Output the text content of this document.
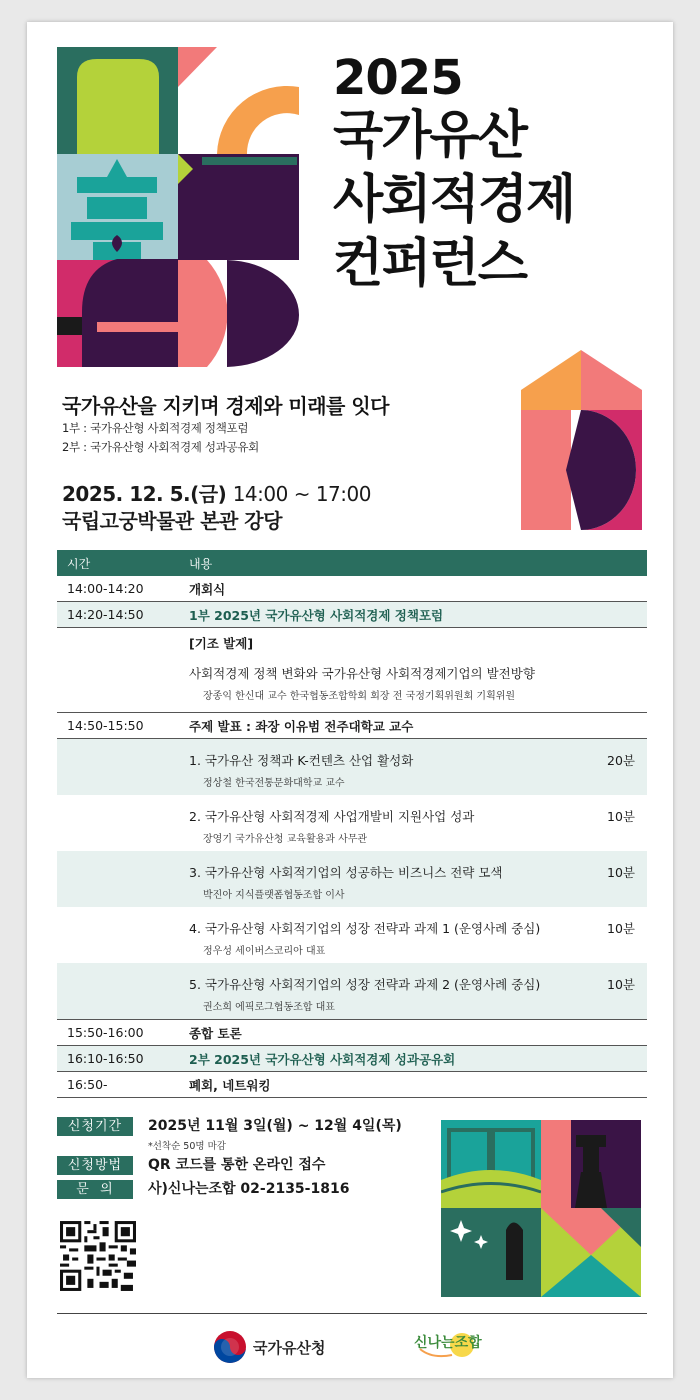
2025
국가유산
사회적경제
컨퍼런스
국가유산을 지키며 경제와 미래를 잇다
1부 : 국가유산형 사회적경제 정책포럼
2부 : 국가유산형 사회적경제 성과공유회
2025. 12. 5.(금) 14:00 ~ 17:00
국립고궁박물관 본관 강당
시간	내용
14:00-14:20	개회식
14:20-14:50	1부 2025년 국가유산형 사회적경제 정책포럼
[기조 발제]
사회적경제 정책 변화와 국가유산형 사회적경제기업의 발전방향
장종익 한신대 교수 한국협동조합학회 회장 전 국정기획위원회 기획위원
14:50-15:50	주제 발표 : 좌장 이유범 전주대학교 교수
1. 국가유산 정책과 K-컨텐츠 산업 활성화
정상철 한국전통문화대학교 교수
20분
2. 국가유산형 사회적경제 사업개발비 지원사업 성과
장영기 국가유산청 교육활용과 사무관
10분
3. 국가유산형 사회적기업의 성공하는 비즈니스 전략 모색
박진아 지식플랫폼협동조합 이사
10분
4. 국가유산형 사회적기업의 성장 전략과 과제 1 (운영사례 중심)
정우성 세이버스코리아 대표
10분
5. 국가유산형 사회적기업의 성장 전략과 과제 2 (운영사례 중심)
권소희 에픽로그협동조합 대표
10분
15:50-16:00	종합 토론
16:10-16:50	2부 2025년 국가유산형 사회적경제 성과공유회
16:50-	폐회, 네트워킹
신청기간	2025년 11월 3일(월) ~ 12월 4일(목)
*선착순 50명 마감
신청방법	QR 코드를 통한 온라인 접수
문  의	사)신나는조합 02-2135-1816
국가유산청	신나는조합
